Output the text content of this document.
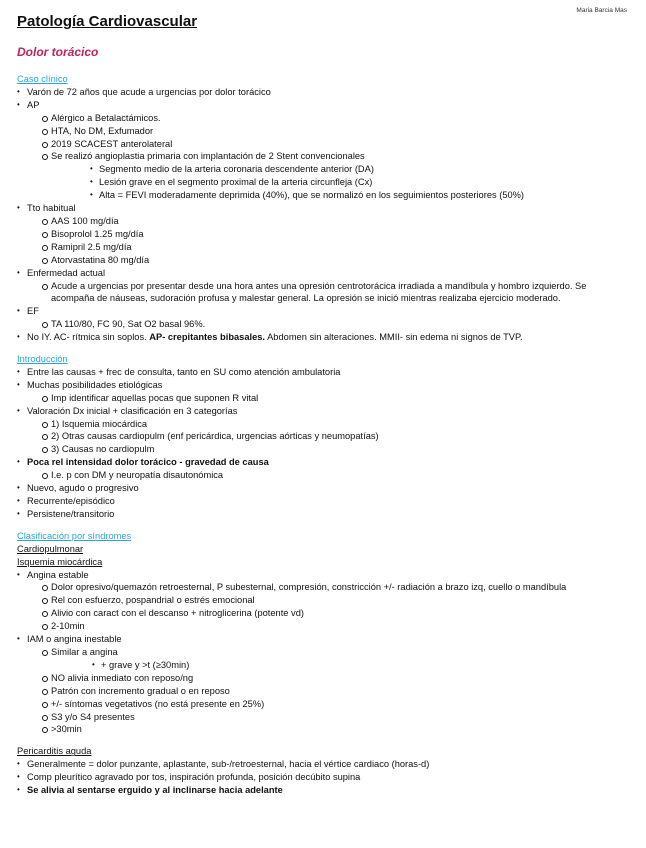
Maria Barcia Mas
Patología Cardiovascular
Dolor torácico
Caso clínico
• Varón de 72 años que acude a urgencias por dolor torácico
• AP
Alérgico a Betalactámicos.
HTA, No DM, Exfumador
2019 SCACEST anterolateral
Se realizó angioplastia primaria con implantación de 2 Stent convencionales
• Segmento medio de la arteria coronaria descendente anterior (DA)
• Lesión grave en el segmento proximal de la arteria circunfleja (Cx)
• Alta = FEVI moderadamente deprimida (40%), que se normalizó en los seguimientos posteriores (50%)
• Tto habitual
AAS 100 mg/día
Bisoprolol 1.25 mg/día
Ramipril 2.5 mg/día
Atorvastatina 80 mg/día
• Enfermedad actual
Acude a urgencias por presentar desde una hora antes una opresión centrotorácica irradiada a mandíbula y hombro izquierdo. Se acompaña de náuseas, sudoración profusa y malestar general. La opresión se inició mientras realizaba ejercicio moderado.
• EF
TA 110/80, FC 90, Sat O2 basal 96%.
• No IY. AC- rítmica sin soplos. AP- crepitantes bibasales. Abdomen sin alteraciones. MMII- sin edema ni signos de TVP.
Introducción
• Entre las causas + frec de consulta, tanto en SU como atención ambulatoria
• Muchas posibilidades etiológicas
Imp identificar aquellas pocas que suponen R vital
• Valoración Dx inicial + clasificación en 3 categorías
1) Isquemia miocárdica
2) Otras causas cardiopulm (enf pericárdica, urgencias aórticas y neumopatías)
3) Causas no cardiopulm
• Poca rel intensidad dolor torácico - gravedad de causa
I.e. p con DM y neuropatía disautonómica
• Nuevo, agudo o progresivo
• Recurrente/episódico
• Persistene/transitorio
Clasificación por síndromes
Cardiopulmonar
Isquemia miocárdica
• Angina estable
Dolor opresivo/quemazón retroesternal, P subesternal, compresión, constricción +/- radiación a brazo izq, cuello o mandíbula
Rel con esfuerzo, pospandrial o estrés emocional
Alivio con caract con el descanso + nitroglicerina (potente vd)
2-10min
• IAM o angina inestable
Similar a angina
• + grave y >t (≥30min)
NO alivia inmediato con reposo/ng
Patrón con incremento gradual o en reposo
+/- síntomas vegetativos (no está presente en 25%)
S3 y/o S4 presentes
>30min
Pericarditis aguda
• Generalmente = dolor punzante, aplastante, sub-/retroesternal, hacia el vértice cardiaco (horas-d)
• Comp pleurítico agravado por tos, inspiración profunda, posición decúbito supina
• Se alivia al sentarse erguido y al inclinarse hacia adelante
